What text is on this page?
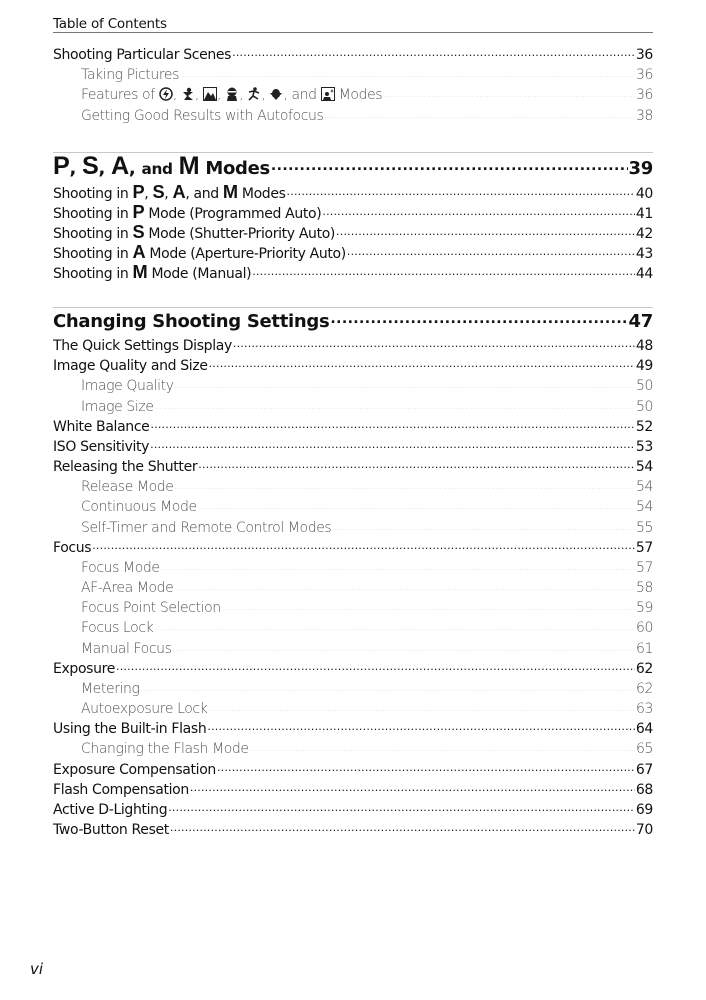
Table of Contents
Shooting Particular Scenes .....	36
Taking Pictures .....	36
Features of , , , , , , and Modes .....	36
Getting Good Results with Autofocus .....	38
P, S, A, and M Modes .....	39
Shooting in P, S, A, and M Modes .....	40
Shooting in P Mode (Programmed Auto) .....	41
Shooting in S Mode (Shutter-Priority Auto) .....	42
Shooting in A Mode (Aperture-Priority Auto) .....	43
Shooting in M Mode (Manual) .....	44
Changing Shooting Settings .....	47
The Quick Settings Display .....	48
Image Quality and Size .....	49
Image Quality .....	50
Image Size .....	50
White Balance .....	52
ISO Sensitivity .....	53
Releasing the Shutter .....	54
Release Mode .....	54
Continuous Mode .....	54
Self-Timer and Remote Control Modes .....	55
Focus .....	57
Focus Mode .....	57
AF-Area Mode .....	58
Focus Point Selection .....	59
Focus Lock .....	60
Manual Focus .....	61
Exposure .....	62
Metering .....	62
Autoexposure Lock .....	63
Using the Built-in Flash .....	64
Changing the Flash Mode .....	65
Exposure Compensation .....	67
Flash Compensation .....	68
Active D-Lighting .....	69
Two-Button Reset .....	70
vi
